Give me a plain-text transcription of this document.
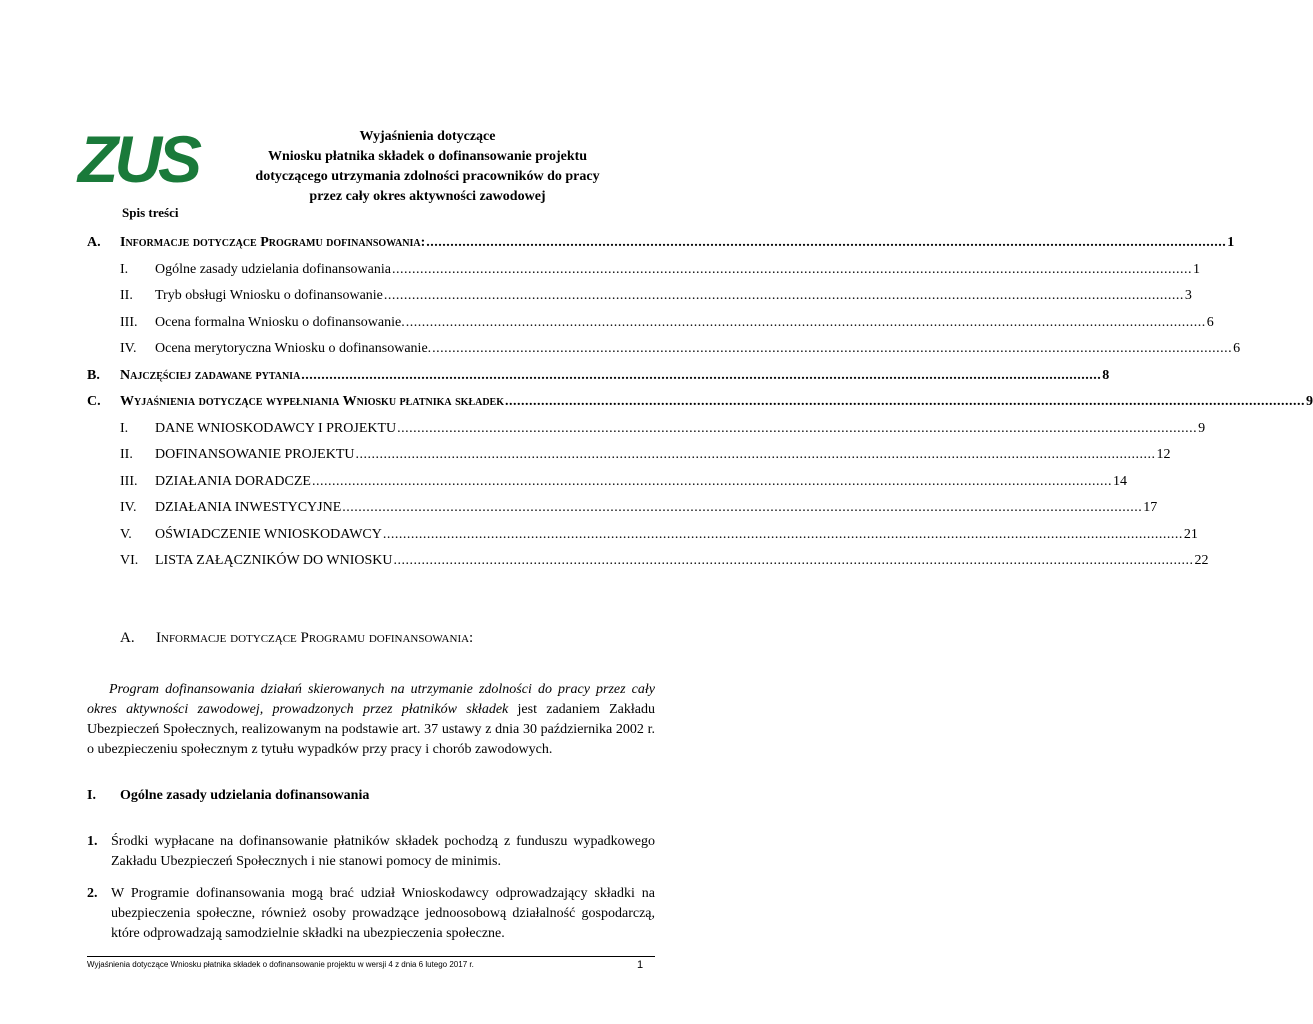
ZUS	Wyjaśnienia dotyczące
Wniosku płatnika składek o dofinansowanie projektu
dotyczącego utrzymania zdolności pracowników do pracy
przez cały okres aktywności zawodowej
Spis treści
A. Informacje dotyczące Programu dofinansowania: ........................................................................................................................................................................................................ 1
I. Ogólne zasady udzielania dofinansowania ........................................................................................................................................................................................................ 1
II. Tryb obsługi Wniosku o dofinansowanie ........................................................................................................................................................................................................ 3
III. Ocena formalna Wniosku o dofinansowanie. ........................................................................................................................................................................................................ 6
IV. Ocena merytoryczna Wniosku o dofinansowanie. ........................................................................................................................................................................................................ 6
B. Najczęściej zadawane pytania ........................................................................................................................................................................................................ 8
C. Wyjaśnienia dotyczące wypełniania Wniosku płatnika składek ........................................................................................................................................................................................................ 9
I. DANE WNIOSKODAWCY I PROJEKTU ........................................................................................................................................................................................................ 9
II. DOFINANSOWANIE PROJEKTU ........................................................................................................................................................................................................ 12
III. DZIAŁANIA DORADCZE ........................................................................................................................................................................................................ 14
IV. DZIAŁANIA INWESTYCYJNE ........................................................................................................................................................................................................ 17
V. OŚWIADCZENIE WNIOSKODAWCY ........................................................................................................................................................................................................ 21
VI. LISTA ZAŁĄCZNIKÓW DO WNIOSKU ........................................................................................................................................................................................................ 22
A. Informacje dotyczące Programu dofinansowania:
Program dofinansowania działań skierowanych na utrzymanie zdolności do pracy przez cały okres aktywności zawodowej, prowadzonych przez płatników składek jest zadaniem Zakładu Ubezpieczeń Społecznych, realizowanym na podstawie art. 37 ustawy z dnia 30 października 2002 r. o ubezpieczeniu społecznym z tytułu wypadków przy pracy i chorób zawodowych.
I. Ogólne zasady udzielania dofinansowania
1. Środki wypłacane na dofinansowanie płatników składek pochodzą z funduszu wypadkowego Zakładu Ubezpieczeń Społecznych i nie stanowi pomocy de minimis.
2. W Programie dofinansowania mogą brać udział Wnioskodawcy odprowadzający składki na ubezpieczenia społeczne, również osoby prowadzące jednoosobową działalność gospodarczą, które odprowadzają samodzielnie składki na ubezpieczenia społeczne.
Wyjaśnienia dotyczące Wniosku płatnika składek o dofinansowanie projektu w wersji 4 z dnia 6 lutego 2017 r.	1
